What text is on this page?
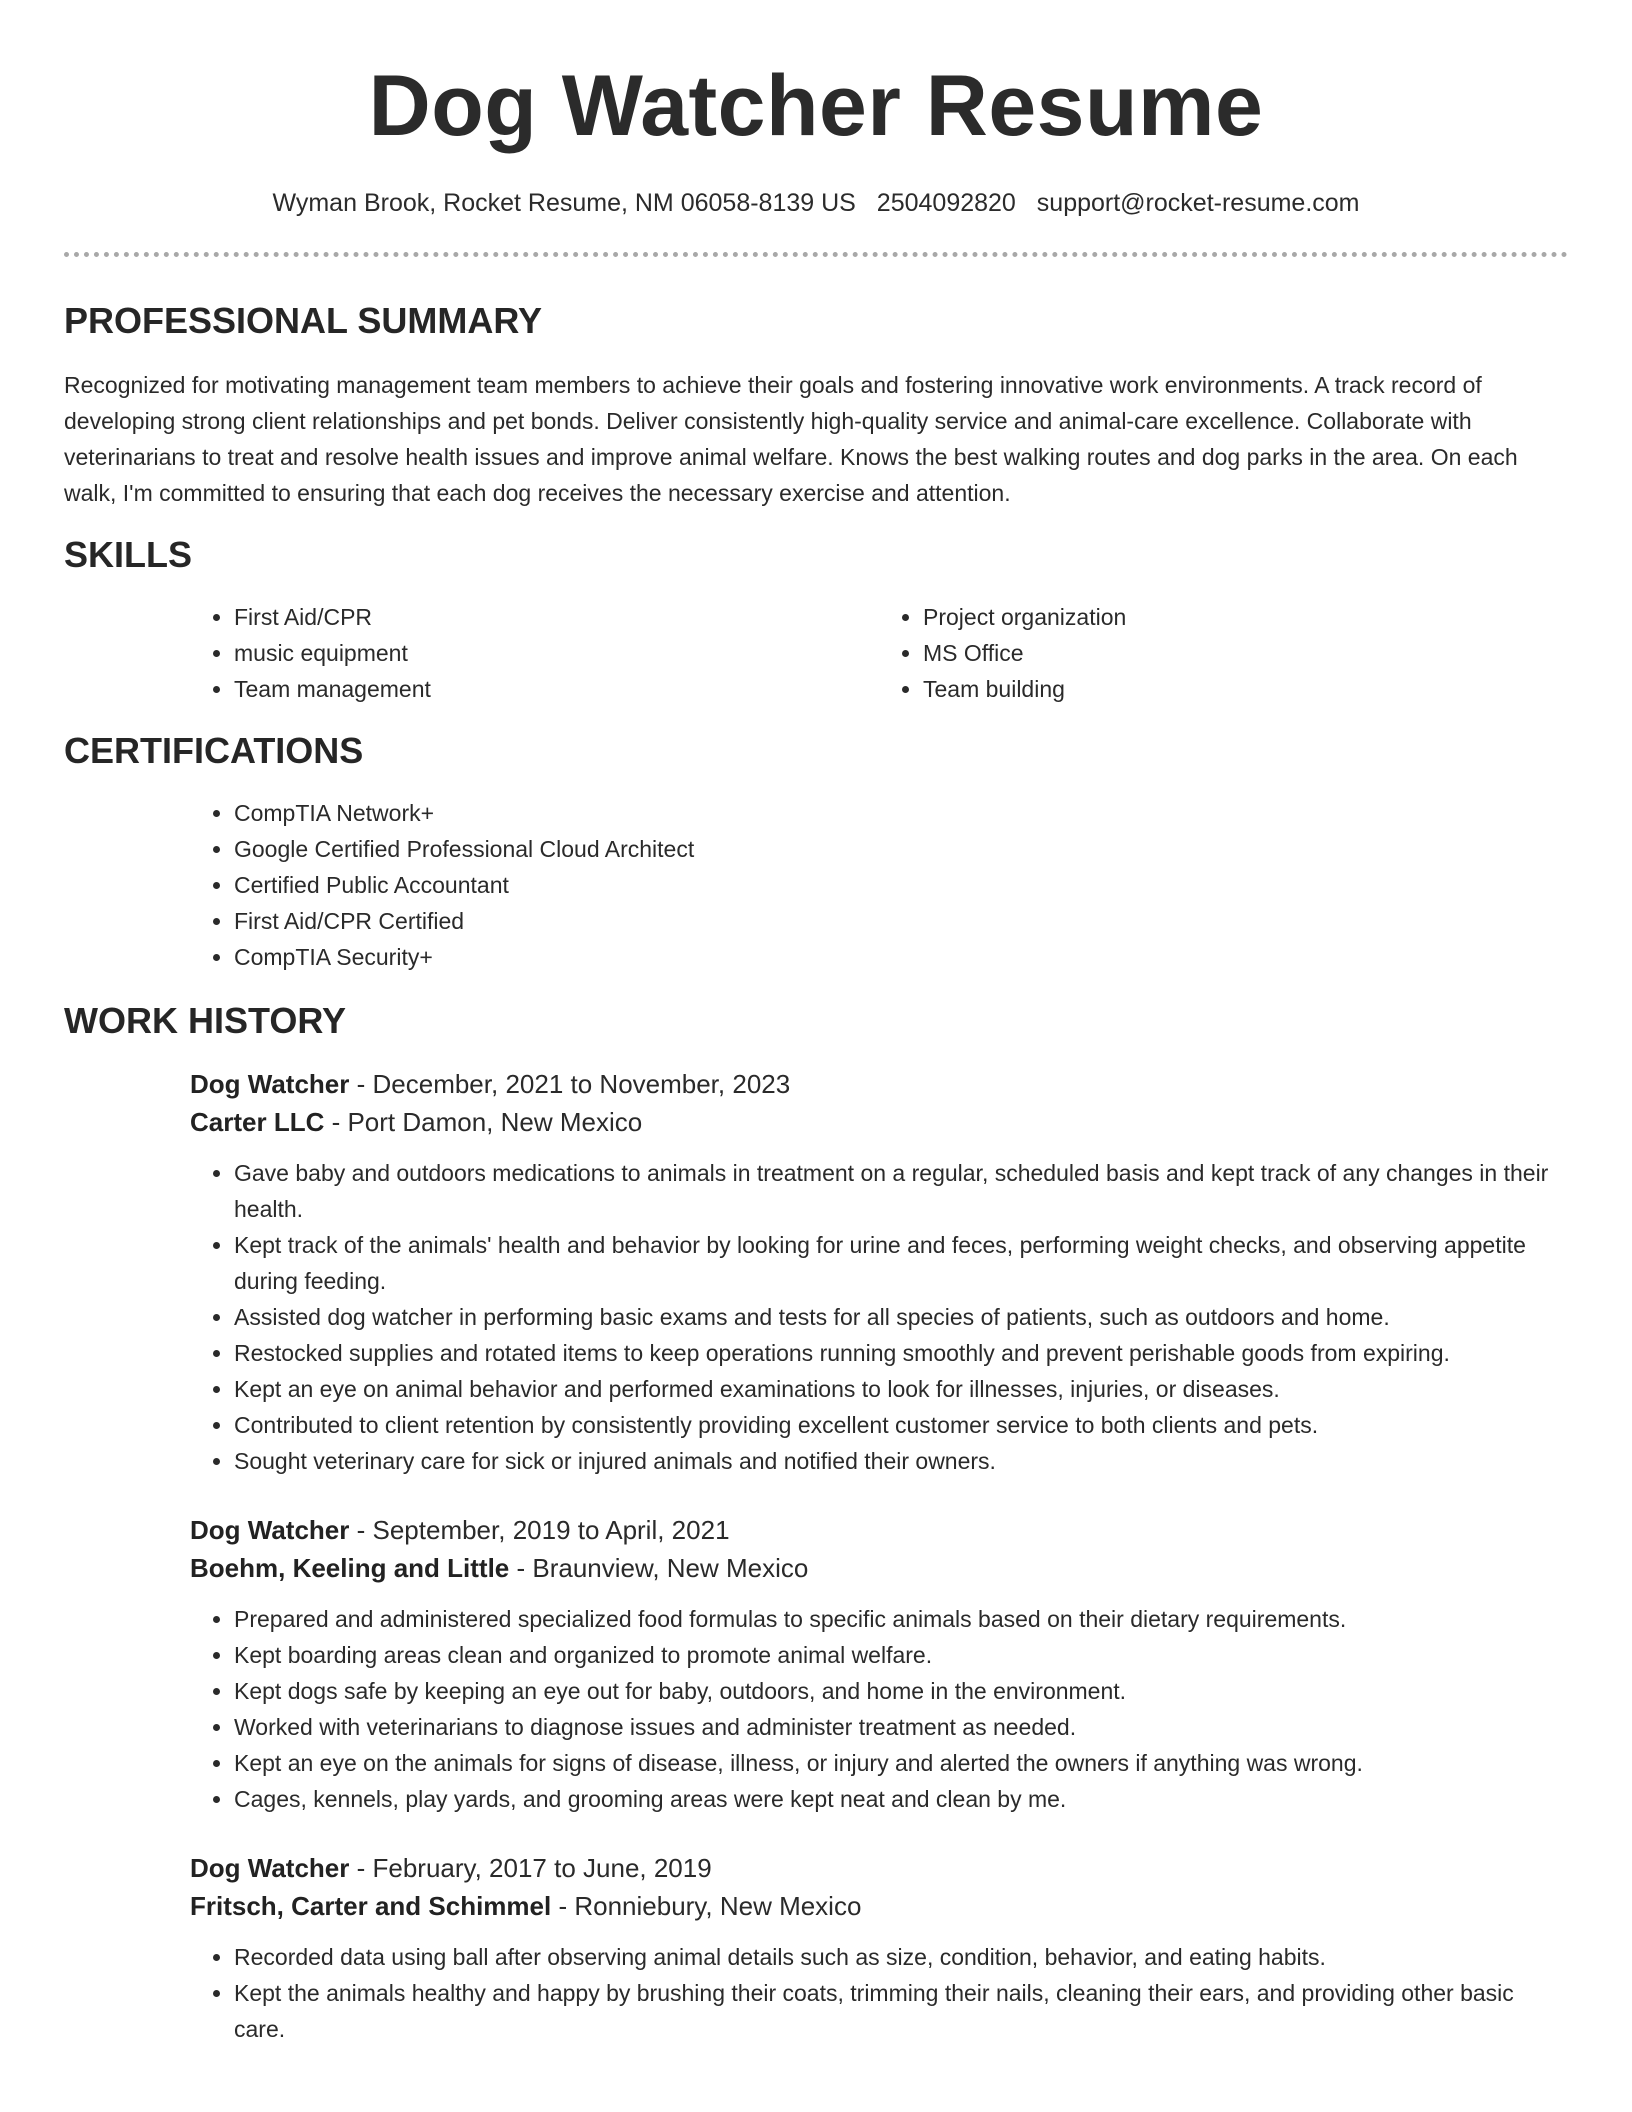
Dog Watcher Resume
Wyman Brook, Rocket Resume, NM 06058-8139 US 2504092820 support@rocket-resume.com
PROFESSIONAL SUMMARY

Recognized for motivating management team members to achieve their goals and fostering innovative work environments. A track record of developing strong client relationships and pet bonds. Deliver consistently high-quality service and animal-care excellence. Collaborate with veterinarians to treat and resolve health issues and improve animal welfare. Knows the best walking routes and dog parks in the area. On each walk, I'm committed to ensuring that each dog receives the necessary exercise and attention.

SKILLS
• First Aid/CPR
• music equipment
• Team management
• Project organization
• MS Office
• Team building
CERTIFICATIONS
• CompTIA Network+
• Google Certified Professional Cloud Architect
• Certified Public Accountant
• First Aid/CPR Certified
• CompTIA Security+
WORK HISTORY
Dog Watcher - December, 2021 to November, 2023
Carter LLC - Port Damon, New Mexico
• Gave baby and outdoors medications to animals in treatment on a regular, scheduled basis and kept track of any changes in their health.
• Kept track of the animals' health and behavior by looking for urine and feces, performing weight checks, and observing appetite during feeding.
• Assisted dog watcher in performing basic exams and tests for all species of patients, such as outdoors and home.
• Restocked supplies and rotated items to keep operations running smoothly and prevent perishable goods from expiring.
• Kept an eye on animal behavior and performed examinations to look for illnesses, injuries, or diseases.
• Contributed to client retention by consistently providing excellent customer service to both clients and pets.
• Sought veterinary care for sick or injured animals and notified their owners.
Dog Watcher - September, 2019 to April, 2021
Boehm, Keeling and Little - Braunview, New Mexico
• Prepared and administered specialized food formulas to specific animals based on their dietary requirements.
• Kept boarding areas clean and organized to promote animal welfare.
• Kept dogs safe by keeping an eye out for baby, outdoors, and home in the environment.
• Worked with veterinarians to diagnose issues and administer treatment as needed.
• Kept an eye on the animals for signs of disease, illness, or injury and alerted the owners if anything was wrong.
• Cages, kennels, play yards, and grooming areas were kept neat and clean by me.
Dog Watcher - February, 2017 to June, 2019
Fritsch, Carter and Schimmel - Ronniebury, New Mexico
• Recorded data using ball after observing animal details such as size, condition, behavior, and eating habits.
• Kept the animals healthy and happy by brushing their coats, trimming their nails, cleaning their ears, and providing other basic care.
